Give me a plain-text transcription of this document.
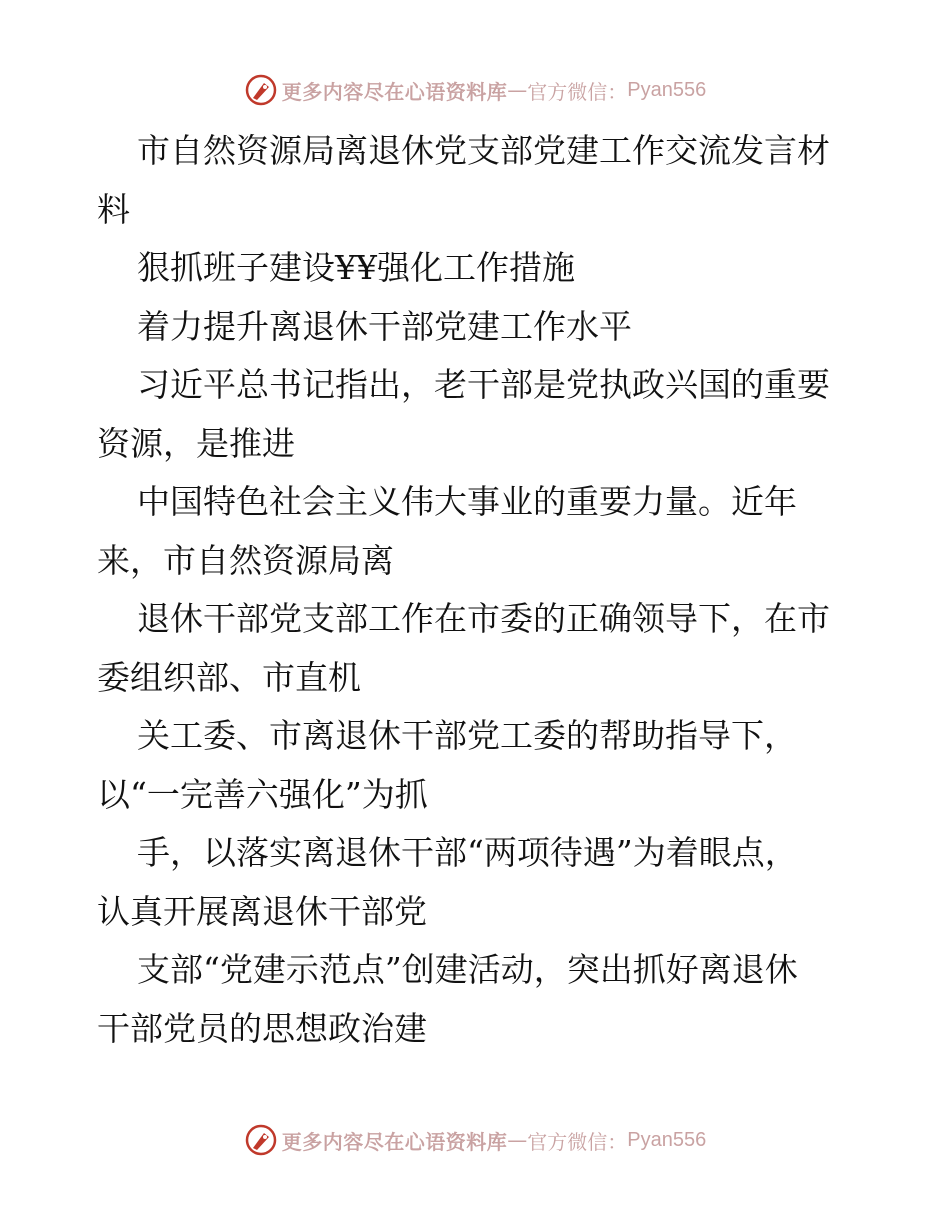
更多内容尽在心语资料库 — 官方微信： Pyan556

市自然资源局离退休党支部党建工作交流发言材

料

狠抓班子建设¥¥强化工作措施

着力提升离退休干部党建工作水平

习近平总书记指出，老干部是党执政兴国的重要

资源，是推进

中国特色社会主义伟大事业的重要力量。近年

来，市自然资源局离

退休干部党支部工作在市委的正确领导下，在市

委组织部、市直机

关工委、市离退休干部党工委的帮助指导下，

以“一完善六强化”为抓

手，以落实离退休干部“两项待遇”为着眼点，

认真开展离退休干部党

支部“党建示范点”创建活动，突出抓好离退休

干部党员的思想政治建

更多内容尽在心语资料库 — 官方微信： Pyan556
